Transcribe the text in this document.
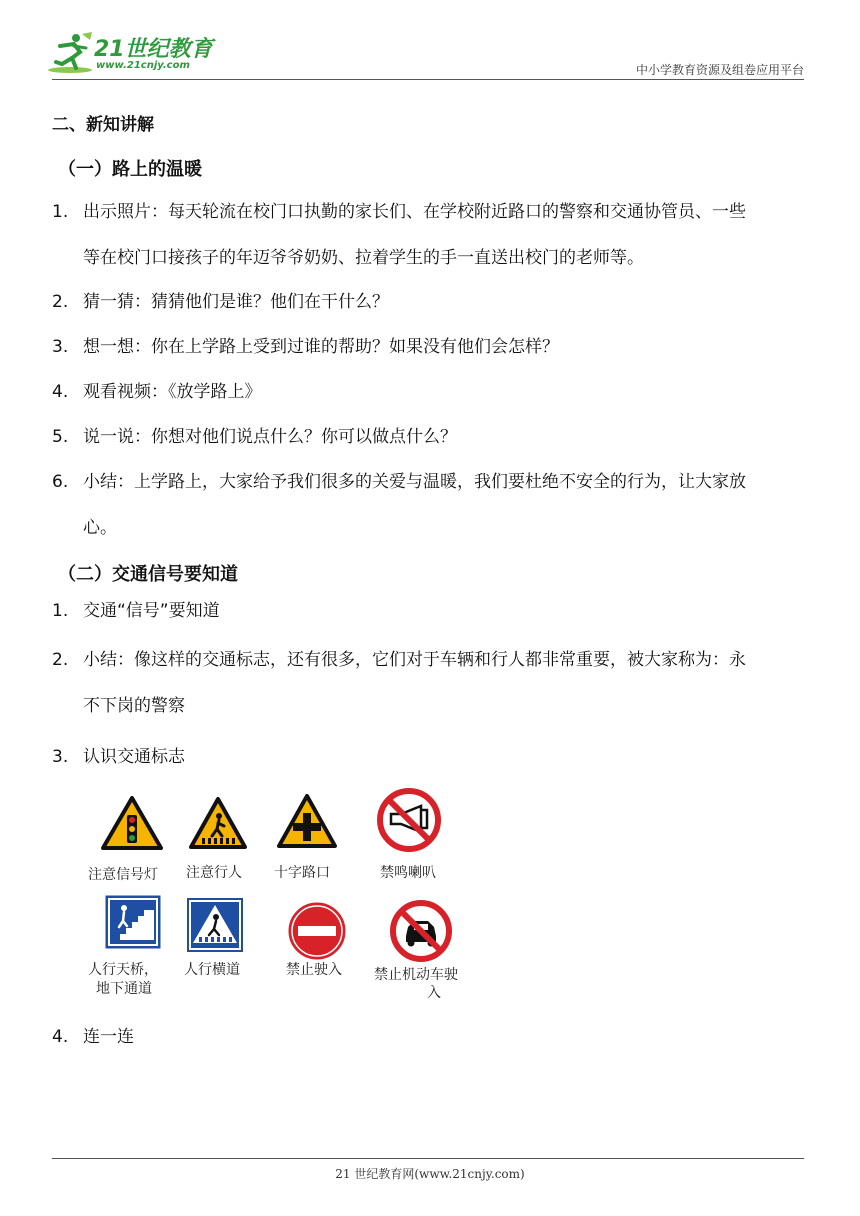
21世纪教育
www.21cnjy.com	中小学教育资源及组卷应用平台
二、新知讲解
（一）路上的温暖
1. 出示照片：每天轮流在校门口执勤的家长们、在学校附近路口的警察和交通协管员、一些
等在校门口接孩子的年迈爷爷奶奶、拉着学生的手一直送出校门的老师等。
2. 猜一猜：猜猜他们是谁？他们在干什么？
3. 想一想：你在上学路上受到过谁的帮助？如果没有他们会怎样？
4. 观看视频：《放学路上》
5. 说一说：你想对他们说点什么？你可以做点什么？
6. 小结：上学路上，大家给予我们很多的关爱与温暖，我们要杜绝不安全的行为，让大家放
心。
（二）交通信号要知道
1. 交通“信号”要知道
2. 小结：像这样的交通标志，还有很多，它们对于车辆和行人都非常重要，被大家称为：永
不下岗的警察
3. 认识交通标志
注意信号灯 注意行人 十字路口	禁鸣喇叭
人行天桥，
地下通道
人行横道	禁止驶入 禁止机动车驶
入
4. 连一连
21 世纪教育网(www.21cnjy.com)
